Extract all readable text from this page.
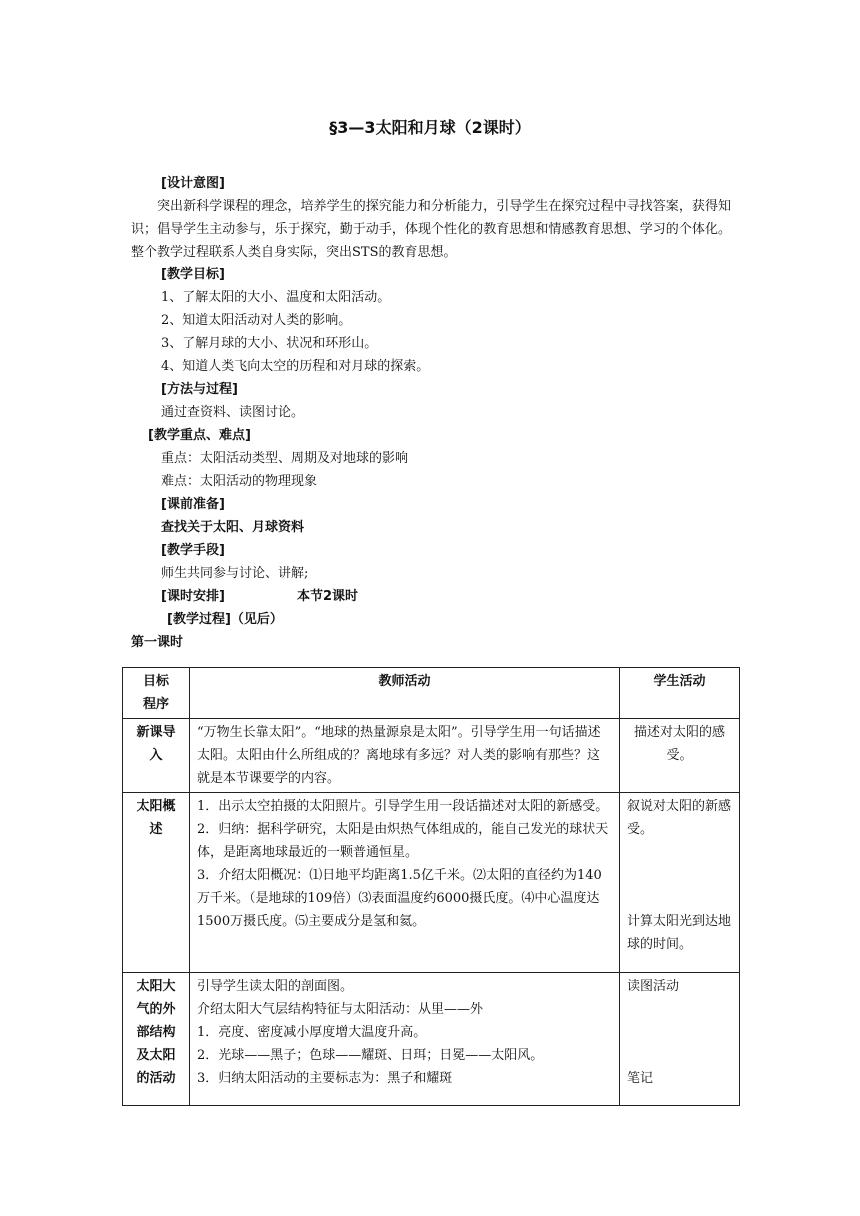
§3—3太阳和月球（2课时）
[设计意图]
突出新科学课程的理念，培养学生的探究能力和分析能力，引导学生在探究过程中寻找答案，获得知识；倡导学生主动参与，乐于探究，勤于动手，体现个性化的教育思想和情感教育思想、学习的个体化。整个教学过程联系人类自身实际，突出STS的教育思想。
[教学目标]
1、了解太阳的大小、温度和太阳活动。
2、知道太阳活动对人类的影响。
3、了解月球的大小、状况和环形山。
4、知道人类飞向太空的历程和对月球的探索。
[方法与过程]
通过查资料、读图讨论。
[教学重点、难点]
重点：太阳活动类型、周期及对地球的影响
难点：太阳活动的物理现象
[课前准备]
查找关于太阳、月球资料
[教学手段]
师生共同参与讨论、讲解;
[课时安排]	本节2课时
[教学过程]（见后）
第一课时
目标
程序	教师活动	学生活动

新课导
入	“万物生长靠太阳”。“地球的热量源泉是太阳”。引导学生用一句话描述太阳。太阳由什么所组成的？离地球有多远？对人类的影响有那些？这就是本节课要学的内容。	描述对太阳的感受。

太阳概
述	1．出示太空拍摄的太阳照片。引导学生用一段话描述对太阳的新感受。
2．归纳：据科学研究，太阳是由炽热气体组成的，能自己发光的球状天体，是距离地球最近的一颗普通恒星。
3．介绍太阳概况：⑴日地平均距离1.5亿千米。⑵太阳的直径约为140万千米。（是地球的109倍）⑶表面温度约6000摄氏度。⑷中心温度达1500万摄氏度。⑸主要成分是氢和氦。	叙说对太阳的新感受。
计算太阳光到达地球的时间。

太阳大
气的外
部结构
及太阳
的活动	引导学生读太阳的剖面图。
介绍太阳大气层结构特征与太阳活动：从里——外
1．亮度、密度减小厚度增大温度升高。
2．光球——黑子；色球——耀斑、日珥；日冕——太阳风。
3．归纳太阳活动的主要标志为：黑子和耀斑	读图活动
笔记
